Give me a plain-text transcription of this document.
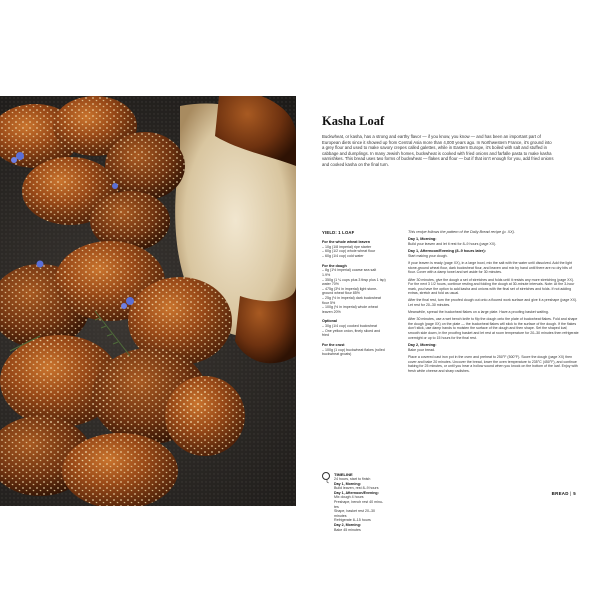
Kasha Loaf

Buckwheat, or kasha, has a strong and earthy flavor — if you know, you know — and has been an important part of European diets since it showed up from Central Asia more than 4,000 years ago. In Northwestern France, it's ground into a grey flour and used to make savory crepes called galettes, while in Eastern Europe, it's boiled with salt and stuffed in cabbage and dumplings. In many Jewish homes, buckwheat is cooked with fried onions and farfalle pasta to make kasha varnishkes. This bread uses two forms of buckwheat — flakes and flour — but if that isn't enough for you, add fried onions and cooked kasha on the final turn.

YIELD: 1 LOAF
For the whole wheat leaven
– 10g (1/8 imperial) ripe starter
– 60g (1/2 cup) whole wheat flour
– 60g (1/4 cup) cold water
For the dough
– 8g (1½ imperial) coarse sea salt
1.9%
– 350g (1 ¼ cups plus 3 tbsp plus 1 tsp)
water 70%
– 475g (3½ in imperial) light stone-
ground wheat flour 85%
– 25g (½ in imperial) dark buckwheat
flour 5%
– 100g (½ in imperial) whole wheat
leaven 20%
Optional
– 30g (1/4 cup) cooked buckwheat
– One yellow onion, finely sliced and
fried
For the crust
– 100g (1 cup) buckwheat flakes (rolled
buckwheat groats)
TIMELINE
24 hours, start to finish
Day 1, Morning:
Build leaven, rest 8–9 hours
Day 1, Afternoon/Evening:
Mix dough 4 hours
Preshape, bench rest 40 minu-
tes
Shape, basket rest 20–30
minutes
Refrigerate 8–15 hours
Day 2, Morning:
Bake 45 minutes
This recipe follows the pattern of the Daily Bread recipe (p. XX).
Day 1, Morning:

Build your leaven and let it rest for 8–9 hours (page XX).

Day 1, Afternoon/Evening (8–9 hours later):

Start making your dough.

If your leaven is ready (page XX), in a large bowl, mix the salt with the water until dissolved. Add the light stone-ground wheat flour, dark buckwheat flour, and leaven and mix by hand until there are no dry bits of flour. Cover with a damp towel and set aside for 30 minutes.

After 30 minutes, give the dough a set of stretches and folds until it resists any more stretching (page XX). For the next 3 1/2 hours, continue resting and folding the dough at 30-minute intervals. Note: At the 3-hour mark, you have the option to add kasha and onions with the final set of stretches and folds. If not adding extras, stretch and fold as usual.

After the final rest, turn the proofed dough out onto a floured work surface and give it a preshape (page XX). Let rest for 20–30 minutes.

Meanwhile, spread the buckwheat flakes on a large plate. Have a proofing basket waiting.

After 30 minutes, use a wet bench knife to flip the dough onto the plate of buckwheat flakes. Fold and shape the dough (page XX) on the plate — the buckwheat flakes will stick to the surface of the dough. If the flakes don't stick, use damp hands to moisten the surface of the dough and then shape. Set the shaped loaf, smooth side down, in the proofing basket and let rest at room temperature for 20–30 minutes then refrigerate overnight or up to 15 hours for the final rest.

Day 2, Morning:

Bake your bread.

Place a covered cast iron pot in the oven and preheat to 250°F (500°F). Score the dough (page XX) then cover and bake 20 minutes. Uncover the bread, lower the oven temperature to 235°C (450°F), and continue baking for 25 minutes, or until you hear a hollow sound when you knock on the bottom of the loaf. Enjoy with fresh white cheese and sharp radishes.

BREAD | 5
